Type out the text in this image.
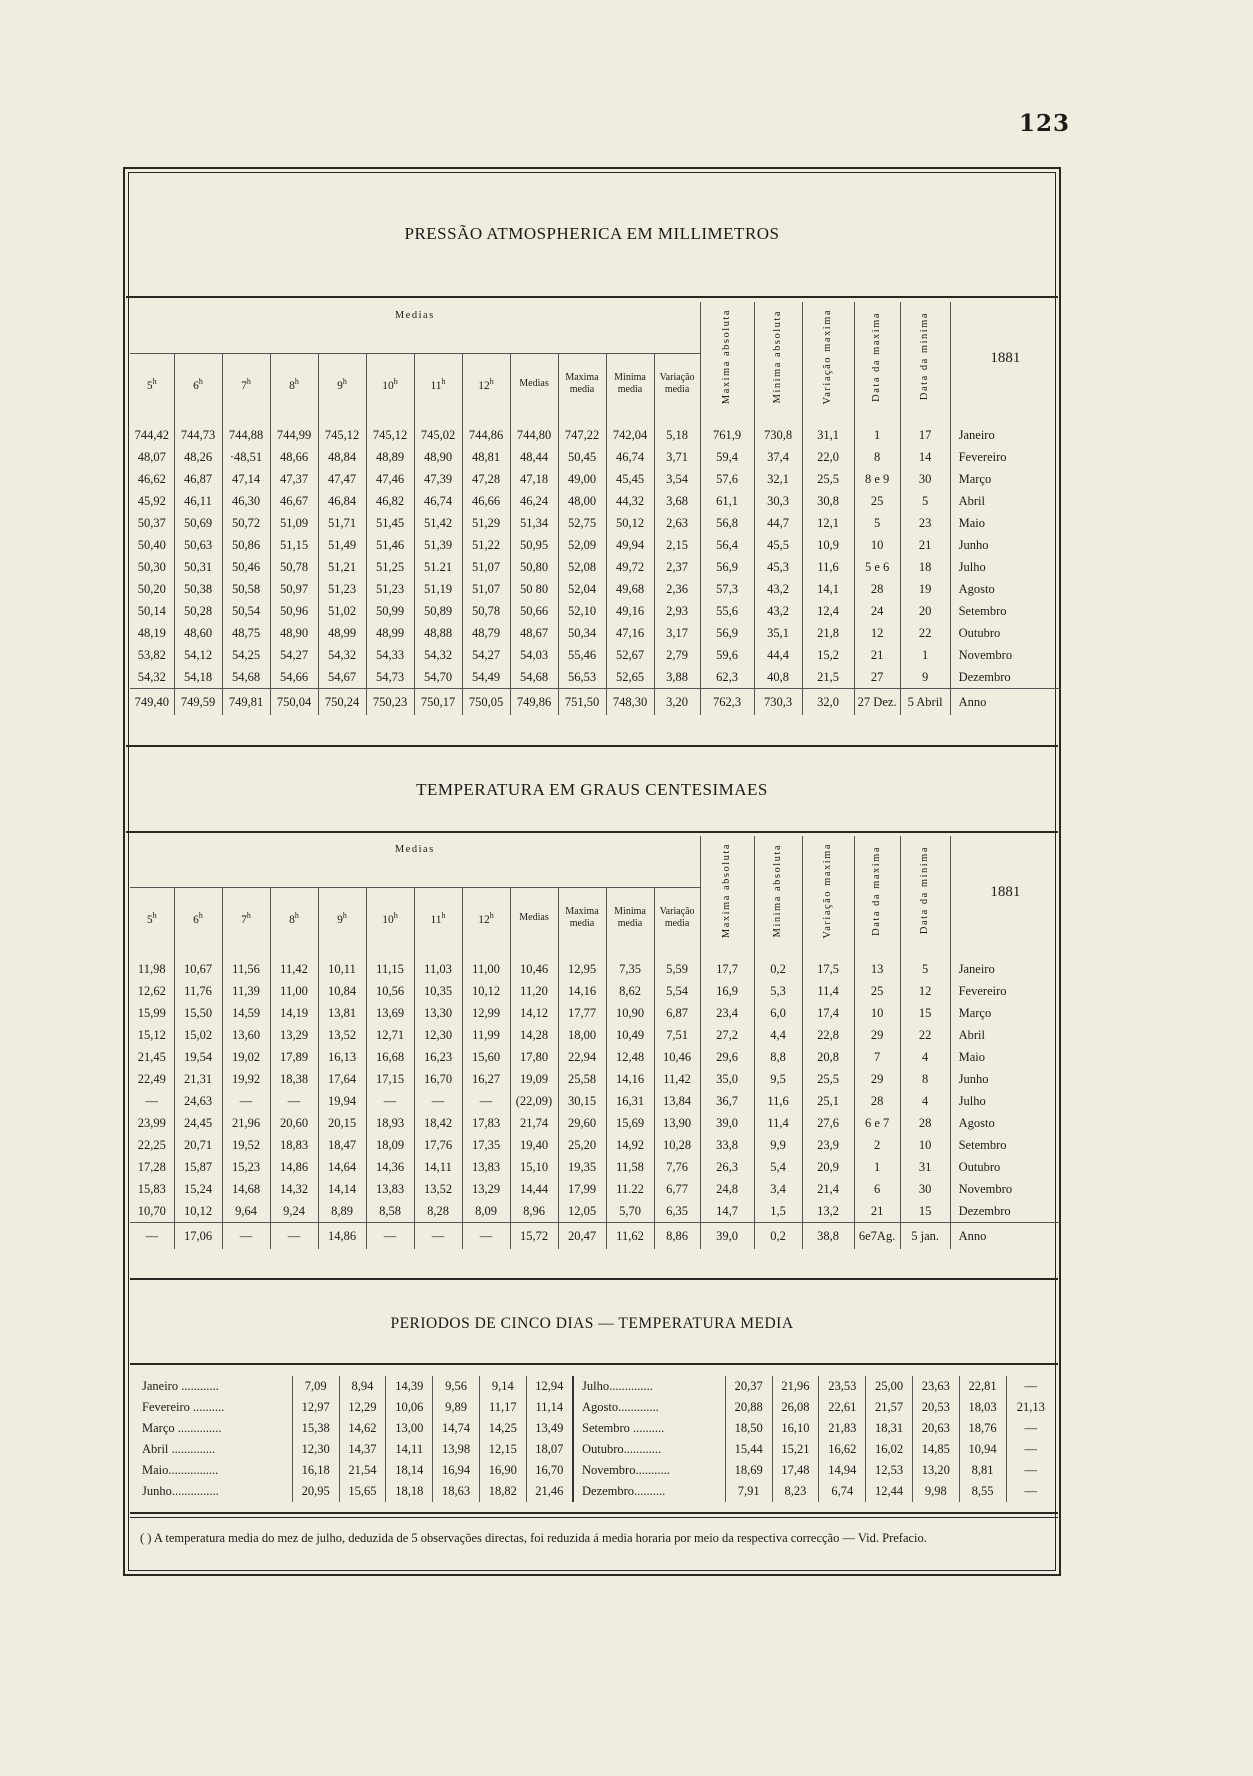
123
PRESSÃO ATMOSPHERICA EM MILLIMETROS
Medias												Maxima absoluta	Minima absoluta	Variação maxima	Data da maxima	Data da minima	1881
5$^h$	6$^h$	7$^h$	8$^h$	9$^h$	10$^h$	11$^h$	12$^h$	Medias	Maxima media	Minima media	Variação media						

744,42	744,73	744,88	744,99	745,12	745,12	745,02	744,86	744,80	747,22	742,04	5,18	761,9	730,8	31,1	1	17	Janeiro
48,07	48,26	·48,51	48,66	48,84	48,89	48,90	48,81	48,44	50,45	46,74	3,71	59,4	37,4	22,0	8	14	Fevereiro
46,62	46,87	47,14	47,37	47,47	47,46	47,39	47,28	47,18	49,00	45,45	3,54	57,6	32,1	25,5	8 e 9	30	Março
45,92	46,11	46,30	46,67	46,84	46,82	46,74	46,66	46,24	48,00	44,32	3,68	61,1	30,3	30,8	25	5	Abril
50,37	50,69	50,72	51,09	51,71	51,45	51,42	51,29	51,34	52,75	50,12	2,63	56,8	44,7	12,1	5	23	Maio
50,40	50,63	50,86	51,15	51,49	51,46	51,39	51,22	50,95	52,09	49,94	2,15	56,4	45,5	10,9	10	21	Junho
50,30	50,31	50,46	50,78	51,21	51,25	51.21	51,07	50,80	52,08	49,72	2,37	56,9	45,3	11,6	5 e 6	18	Julho
50,20	50,38	50,58	50,97	51,23	51,23	51,19	51,07	50 80	52,04	49,68	2,36	57,3	43,2	14,1	28	19	Agosto
50,14	50,28	50,54	50,96	51,02	50,99	50,89	50,78	50,66	52,10	49,16	2,93	55,6	43,2	12,4	24	20	Setembro
48,19	48,60	48,75	48,90	48,99	48,99	48,88	48,79	48,67	50,34	47,16	3,17	56,9	35,1	21,8	12	22	Outubro
53,82	54,12	54,25	54,27	54,32	54,33	54,32	54,27	54,03	55,46	52,67	2,79	59,6	44,4	15,2	21	1	Novembro
54,32	54,18	54,68	54,66	54,67	54,73	54,70	54,49	54,68	56,53	52,65	3,88	62,3	40,8	21,5	27	9	Dezembro
749,40	749,59	749,81	750,04	750,24	750,23	750,17	750,05	749,86	751,50	748,30	3,20	762,3	730,3	32,0	27 Dez.	5 Abril	Anno
TEMPERATURA EM GRAUS CENTESIMAES
Medias												Maxima absoluta	Minima absoluta	Variação maxima	Data da maxima	Data da minima	1881
5$^h$	6$^h$	7$^h$	8$^h$	9$^h$	10$^h$	11$^h$	12$^h$	Medias	Maxima media	Minima media	Variação media						

11,98	10,67	11,56	11,42	10,11	11,15	11,03	11,00	10,46	12,95	7,35	5,59	17,7	0,2	17,5	13	5	Janeiro
12,62	11,76	11,39	11,00	10,84	10,56	10,35	10,12	11,20	14,16	8,62	5,54	16,9	5,3	11,4	25	12	Fevereiro
15,99	15,50	14,59	14,19	13,81	13,69	13,30	12,99	14,12	17,77	10,90	6,87	23,4	6,0	17,4	10	15	Março
15,12	15,02	13,60	13,29	13,52	12,71	12,30	11,99	14,28	18,00	10,49	7,51	27,2	4,4	22,8	29	22	Abril
21,45	19,54	19,02	17,89	16,13	16,68	16,23	15,60	17,80	22,94	12,48	10,46	29,6	8,8	20,8	7	4	Maio
22,49	21,31	19,92	18,38	17,64	17,15	16,70	16,27	19,09	25,58	14,16	11,42	35,0	9,5	25,5	29	8	Junho
—	24,63	—	—	19,94	—	—	—	(22,09)	30,15	16,31	13,84	36,7	11,6	25,1	28	4	Julho
23,99	24,45	21,96	20,60	20,15	18,93	18,42	17,83	21,74	29,60	15,69	13,90	39,0	11,4	27,6	6 e 7	28	Agosto
22,25	20,71	19,52	18,83	18,47	18,09	17,76	17,35	19,40	25,20	14,92	10,28	33,8	9,9	23,9	2	10	Setembro
17,28	15,87	15,23	14,86	14,64	14,36	14,11	13,83	15,10	19,35	11,58	7,76	26,3	5,4	20,9	1	31	Outubro
15,83	15,24	14,68	14,32	14,14	13,83	13,52	13,29	14,44	17,99	11.22	6,77	24,8	3,4	21,4	6	30	Novembro
10,70	10,12	9,64	9,24	8,89	8,58	8,28	8,09	8,96	12,05	5,70	6,35	14,7	1,5	13,2	21	15	Dezembro
—	17,06	—	—	14,86	—	—	—	15,72	20,47	11,62	8,86	39,0	0,2	38,8	6e7Ag.	5 jan.	Anno
PERIODOS DE CINCO DIAS — TEMPERATURA MEDIA
Janeiro ............	7,09	8,94	14,39	9,56	9,14	12,94	Julho..............	20,37	21,96	23,53	25,00	23,63	22,81	—
Fevereiro ..........	12,97	12,29	10,06	9,89	11,17	11,14	Agosto.............	20,88	26,08	22,61	21,57	20,53	18,03	21,13
Março ..............	15,38	14,62	13,00	14,74	14,25	13,49	Setembro ..........	18,50	16,10	21,83	18,31	20,63	18,76	—
Abril ..............	12,30	14,37	14,11	13,98	12,15	18,07	Outubro............	15,44	15,21	16,62	16,02	14,85	10,94	—
Maio................	16,18	21,54	18,14	16,94	16,90	16,70	Novembro...........	18,69	17,48	14,94	12,53	13,20	8,81	—
Junho...............	20,95	15,65	18,18	18,63	18,82	21,46	Dezembro..........	7,91	8,23	6,74	12,44	9,98	8,55	—
( ) A temperatura media do mez de julho, deduzida de 5 observações directas, foi reduzida á media horaria por meio da respectiva correcção — Vid. Prefacio.
